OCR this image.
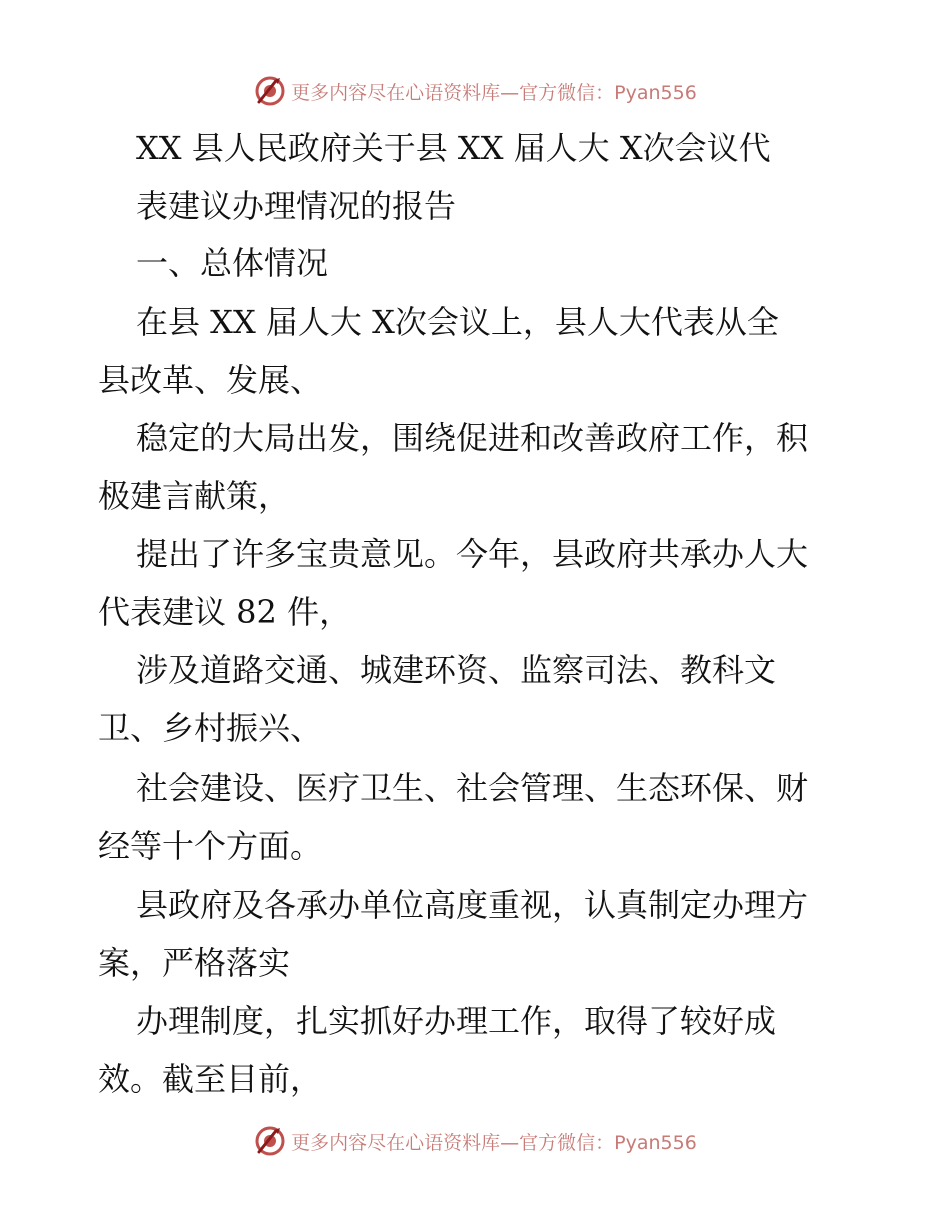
更多内容尽在心语资料库—官方微信：Pyan556
XX 县人民政府关于县 XX 届人大 X次会议代
表建议办理情况的报告
一、总体情况
在县 XX 届人大 X次会议上，县人大代表从全
县改革、发展、
稳定的大局出发，围绕促进和改善政府工作，积
极建言献策，
提出了许多宝贵意见。今年，县政府共承办人大
代表建议 82 件，
涉及道路交通、城建环资、监察司法、教科文
卫、乡村振兴、
社会建设、医疗卫生、社会管理、生态环保、财
经等十个方面。
县政府及各承办单位高度重视，认真制定办理方
案，严格落实
办理制度，扎实抓好办理工作，取得了较好成
效。截至目前，
更多内容尽在心语资料库—官方微信：Pyan556
